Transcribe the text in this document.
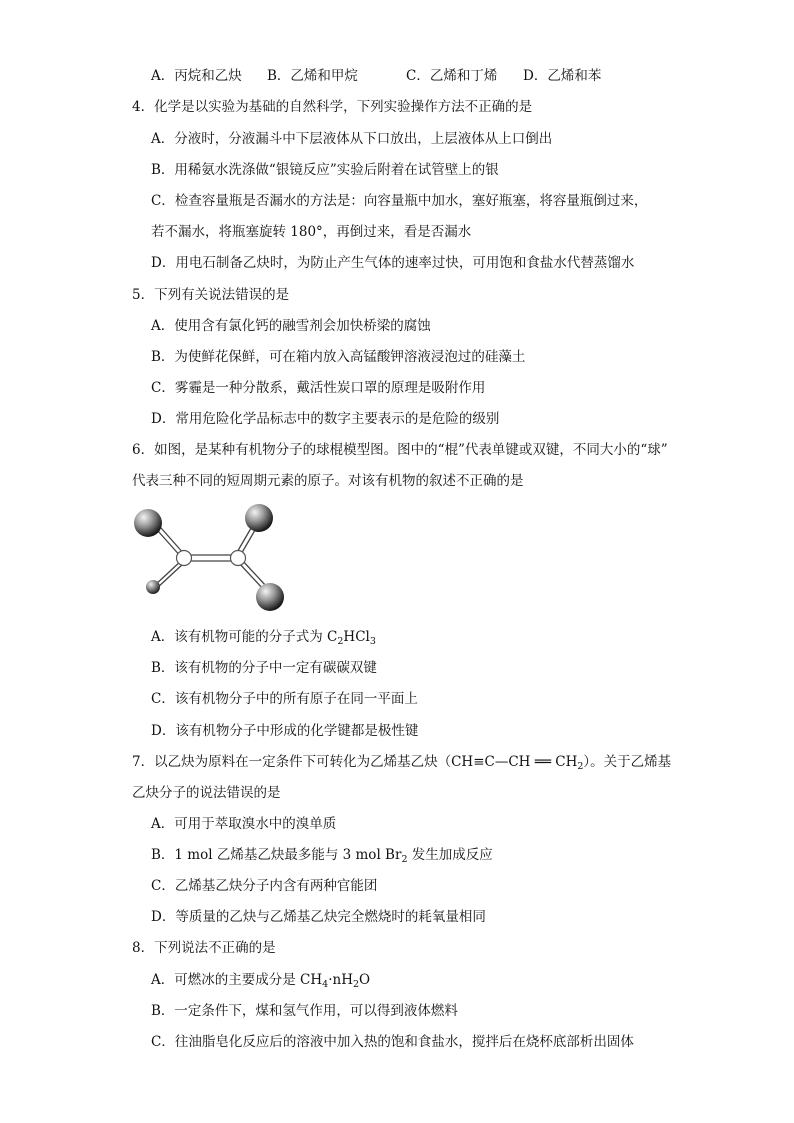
A．丙烷和乙炔 B．乙烯和甲烷	C．乙烯和丁烯 D．乙烯和苯
4．化学是以实验为基础的自然科学，下列实验操作方法不正确的是
A．分液时，分液漏斗中下层液体从下口放出，上层液体从上口倒出
B．用稀氨水洗涤做“银镜反应”实验后附着在试管壁上的银
C．检查容量瓶是否漏水的方法是：向容量瓶中加水，塞好瓶塞，将容量瓶倒过来，
若不漏水，将瓶塞旋转 180°，再倒过来，看是否漏水
D．用电石制备乙炔时，为防止产生气体的速率过快，可用饱和食盐水代替蒸馏水
5．下列有关说法错误的是
A．使用含有氯化钙的融雪剂会加快桥梁的腐蚀
B．为使鲜花保鲜，可在箱内放入高锰酸钾溶液浸泡过的硅藻土
C．雾霾是一种分散系，戴活性炭口罩的原理是吸附作用
D．常用危险化学品标志中的数字主要表示的是危险的级别
6．如图，是某种有机物分子的球棍模型图。图中的“棍”代表单键或双键，不同大小的“球”
代表三种不同的短周期元素的原子。对该有机物的叙述不正确的是
A．该有机物可能的分子式为 $C_2HCl_3$
B．该有机物的分子中一定有碳碳双键
C．该有机物分子中的所有原子在同一平面上
D．该有机物分子中形成的化学键都是极性键
7．以乙炔为原料在一定条件下可转化为乙烯基乙炔（CH≡C—CH ══ $CH_2$）。关于乙烯基
乙炔分子的说法错误的是
A．可用于萃取溴水中的溴单质
B．1 mol 乙烯基乙炔最多能与 3 mol $Br_2$ 发生加成反应
C．乙烯基乙炔分子内含有两种官能团
D．等质量的乙炔与乙烯基乙炔完全燃烧时的耗氧量相同
8．下列说法不正确的是
A．可燃冰的主要成分是 $CH_4\cdot nH_2O$
B．一定条件下，煤和氢气作用，可以得到液体燃料
C．往油脂皂化反应后的溶液中加入热的饱和食盐水，搅拌后在烧杯底部析出固体
